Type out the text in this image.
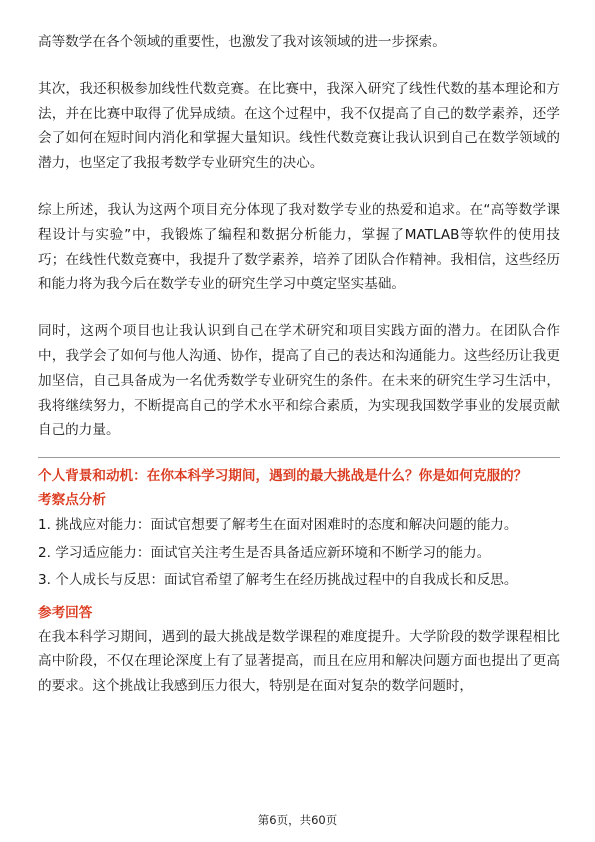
高等数学在各个领域的重要性，也激发了我对该领域的进一步探索。

其次，我还积极参加线性代数竞赛。在比赛中，我深入研究了线性代数的基本理论和方法，并在比赛中取得了优异成绩。在这个过程中，我不仅提高了自己的数学素养，还学会了如何在短时间内消化和掌握大量知识。线性代数竞赛让我认识到自己在数学领域的潜力，也坚定了我报考数学专业研究生的决心。

综上所述，我认为这两个项目充分体现了我对数学专业的热爱和追求。在“高等数学课程设计与实验”中，我锻炼了编程和数据分析能力，掌握了MATLAB等软件的使用技巧；在线性代数竞赛中，我提升了数学素养，培养了团队合作精神。我相信，这些经历和能力将为我今后在数学专业的研究生学习中奠定坚实基础。

同时，这两个项目也让我认识到自己在学术研究和项目实践方面的潜力。在团队合作中，我学会了如何与他人沟通、协作，提高了自己的表达和沟通能力。这些经历让我更加坚信，自己具备成为一名优秀数学专业研究生的条件。在未来的研究生学习生活中，我将继续努力，不断提高自己的学术水平和综合素质，为实现我国数学事业的发展贡献自己的力量。

个人背景和动机：在你本科学习期间，遇到的最大挑战是什么？你是如何克服的？

考察点分析

1. 挑战应对能力：面试官想要了解考生在面对困难时的态度和解决问题的能力。

2. 学习适应能力：面试官关注考生是否具备适应新环境和不断学习的能力。

3. 个人成长与反思：面试官希望了解考生在经历挑战过程中的自我成长和反思。

参考回答

在我本科学习期间，遇到的最大挑战是数学课程的难度提升。大学阶段的数学课程相比高中阶段，不仅在理论深度上有了显著提高，而且在应用和解决问题方面也提出了更高的要求。这个挑战让我感到压力很大，特别是在面对复杂的数学问题时，

第6页，共60页
